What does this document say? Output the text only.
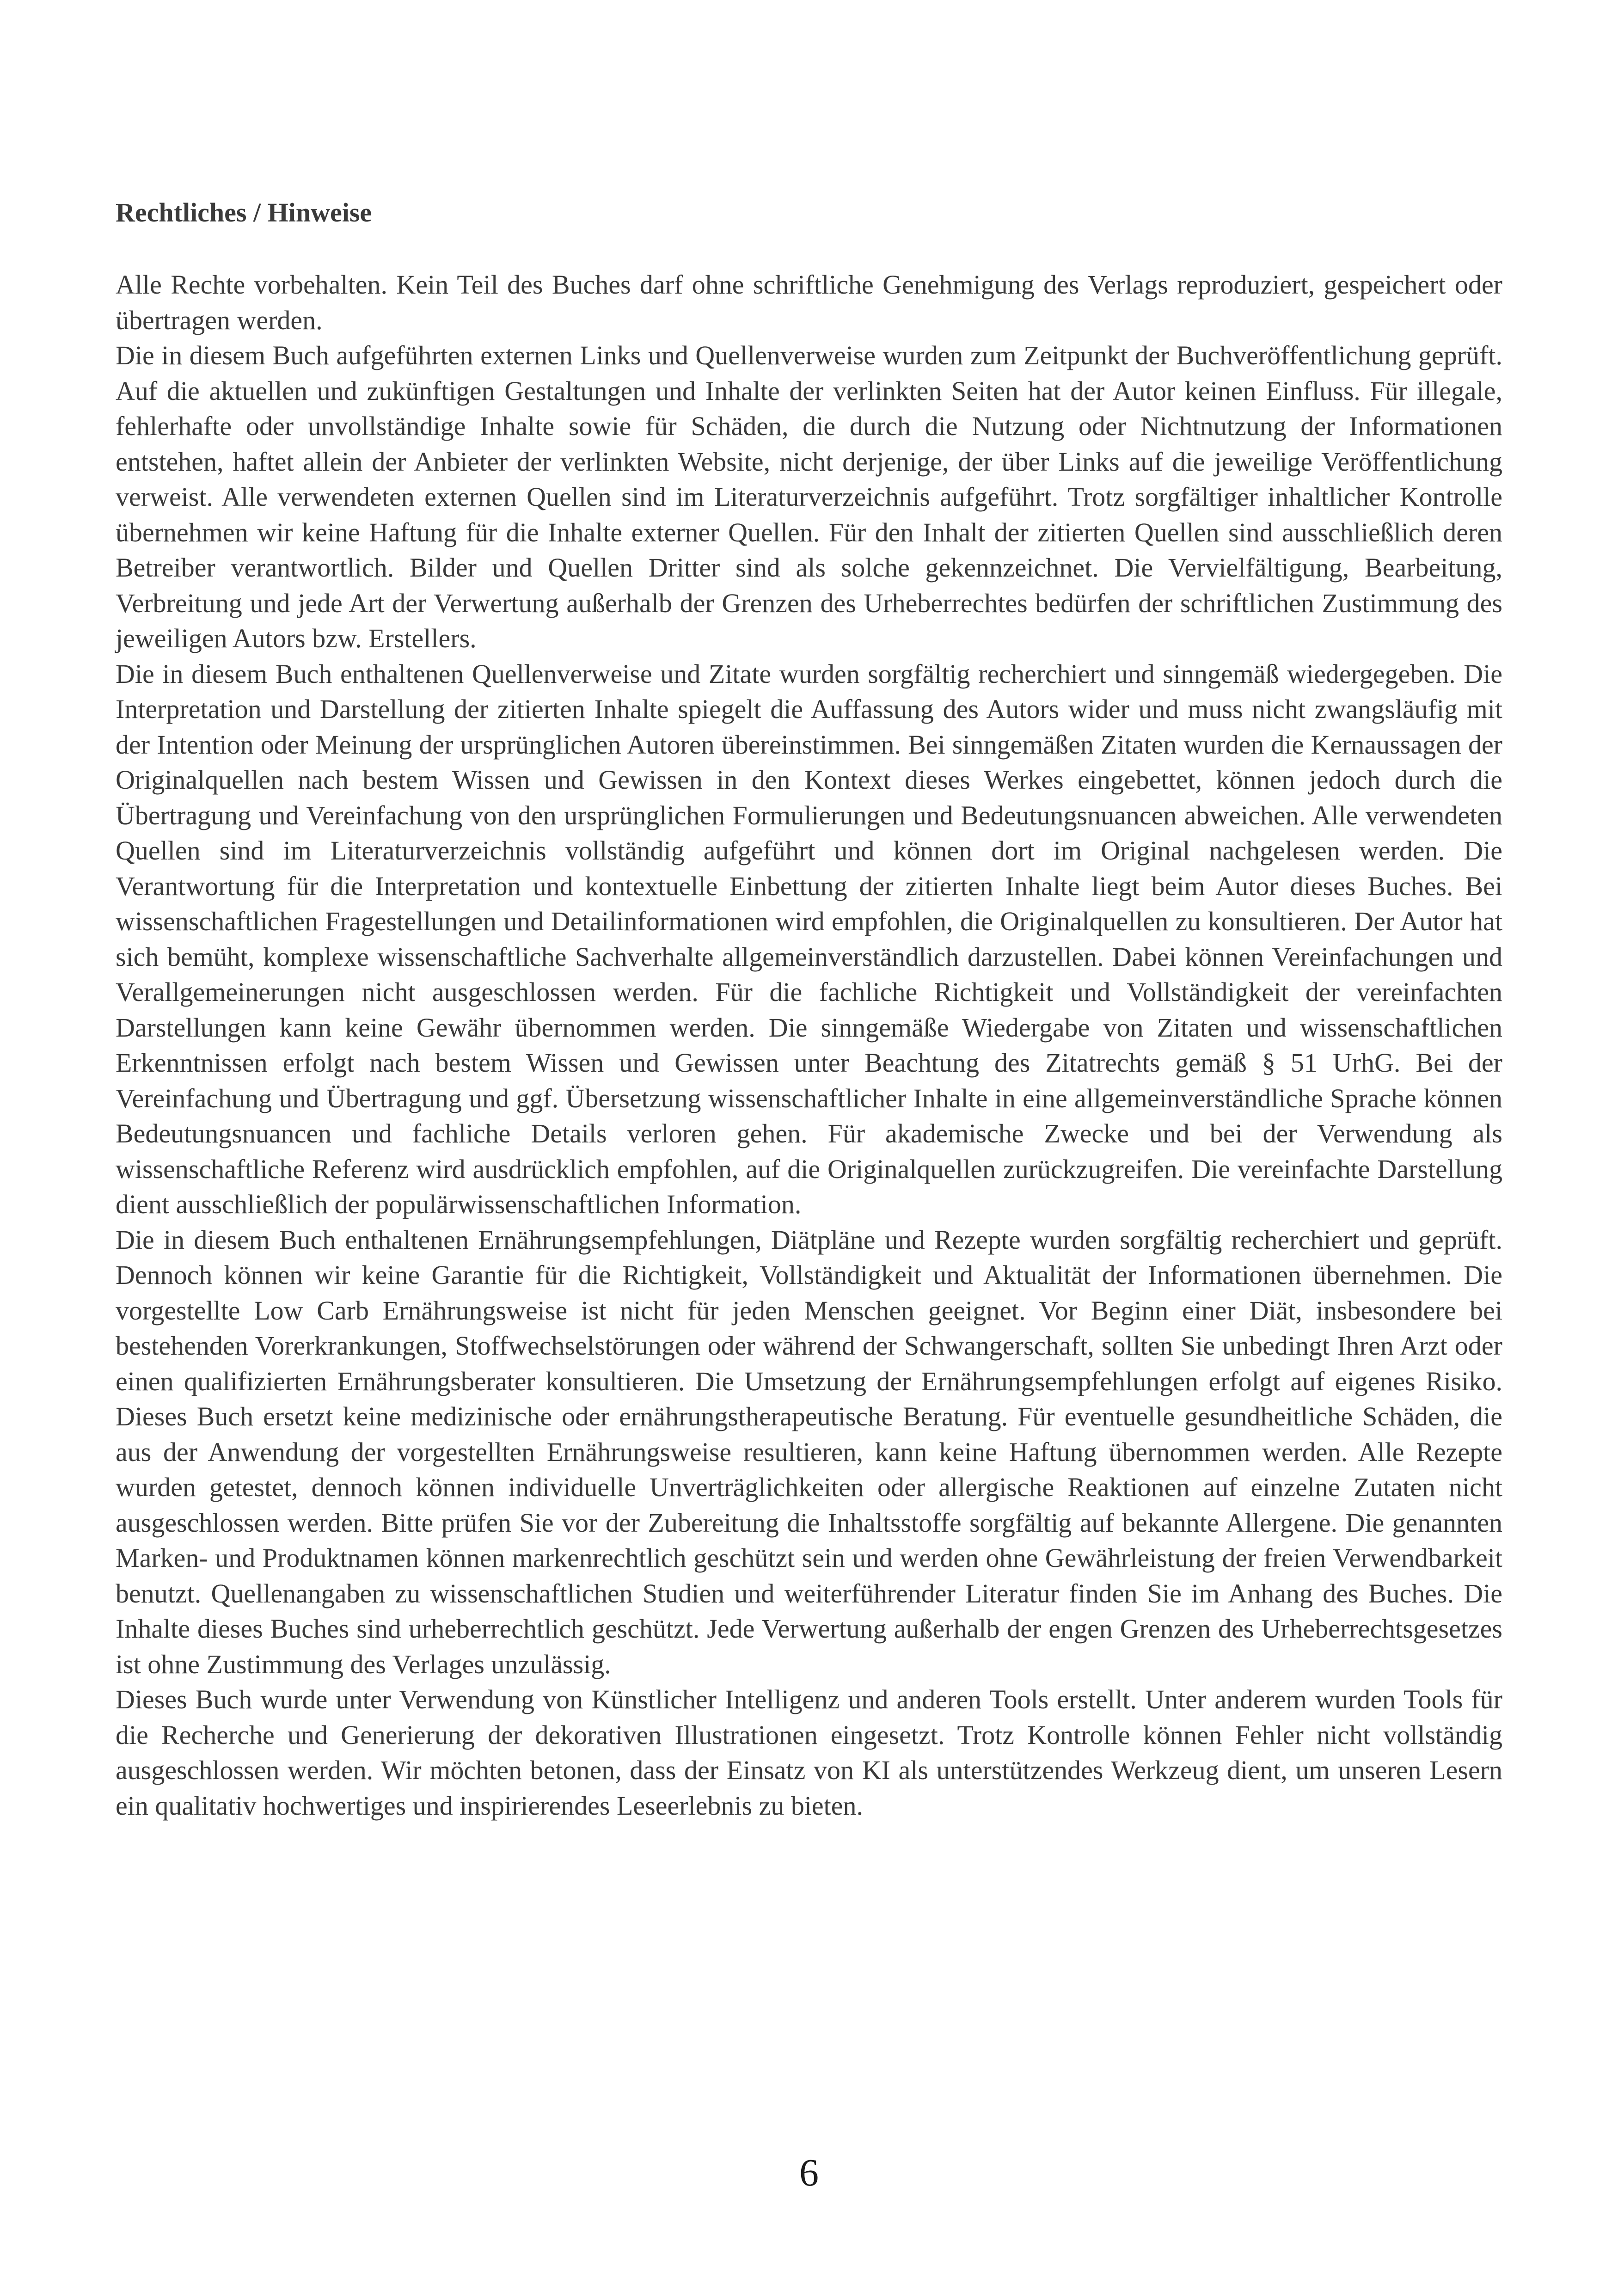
Rechtliches / Hinweise

Alle Rechte vorbehalten. Kein Teil des Buches darf ohne schriftliche Genehmigung des Verlags reproduziert, gespeichert oder übertragen werden.

Die in diesem Buch aufgeführten externen Links und Quellenverweise wurden zum Zeitpunkt der Buchveröffentlichung geprüft. Auf die aktuellen und zukünftigen Gestaltungen und Inhalte der verlinkten Seiten hat der Autor keinen Einfluss. Für illegale, fehlerhafte oder unvollständige Inhalte sowie für Schäden, die durch die Nutzung oder Nichtnutzung der Informationen entstehen, haftet allein der Anbieter der verlinkten Website, nicht derjenige, der über Links auf die jeweilige Veröffentlichung verweist. Alle verwendeten externen Quellen sind im Literaturverzeichnis aufgeführt. Trotz sorgfältiger inhaltlicher Kontrolle übernehmen wir keine Haftung für die Inhalte externer Quellen. Für den Inhalt der zitierten Quellen sind ausschließlich deren Betreiber verantwortlich. Bilder und Quellen Dritter sind als solche gekennzeichnet. Die Vervielfältigung, Bearbeitung, Verbreitung und jede Art der Verwertung außerhalb der Grenzen des Urheberrechtes bedürfen der schriftlichen Zustimmung des jeweiligen Autors bzw. Erstellers.

Die in diesem Buch enthaltenen Quellenverweise und Zitate wurden sorgfältig recherchiert und sinngemäß wiedergegeben. Die Interpretation und Darstellung der zitierten Inhalte spiegelt die Auffassung des Autors wider und muss nicht zwangsläufig mit der Intention oder Meinung der ursprünglichen Autoren übereinstimmen. Bei sinngemäßen Zitaten wurden die Kernaussagen der Originalquellen nach bestem Wissen und Gewissen in den Kontext dieses Werkes eingebettet, können jedoch durch die Übertragung und Vereinfachung von den ursprünglichen Formulierungen und Bedeutungsnuancen abweichen. Alle verwendeten Quellen sind im Literaturverzeichnis vollständig aufgeführt und können dort im Original nachgelesen werden. Die Verantwortung für die Interpretation und kontextuelle Einbettung der zitierten Inhalte liegt beim Autor dieses Buches. Bei wissenschaftlichen Fragestellungen und Detailinformationen wird empfohlen, die Originalquellen zu konsultieren. Der Autor hat sich bemüht, komplexe wissenschaftliche Sachverhalte allgemeinverständlich darzustellen. Dabei können Vereinfachungen und Verallgemeinerungen nicht ausgeschlossen werden. Für die fachliche Richtigkeit und Vollständigkeit der vereinfachten Darstellungen kann keine Gewähr übernommen werden. Die sinngemäße Wiedergabe von Zitaten und wissenschaftlichen Erkenntnissen erfolgt nach bestem Wissen und Gewissen unter Beachtung des Zitatrechts gemäß § 51 UrhG. Bei der Vereinfachung und Übertragung und ggf. Übersetzung wissenschaftlicher Inhalte in eine allgemeinverständliche Sprache können Bedeutungsnuancen und fachliche Details verloren gehen. Für akademische Zwecke und bei der Verwendung als wissenschaftliche Referenz wird ausdrücklich empfohlen, auf die Originalquellen zurückzugreifen. Die vereinfachte Darstellung dient ausschließlich der populärwissenschaftlichen Information.

Die in diesem Buch enthaltenen Ernährungsempfehlungen, Diätpläne und Rezepte wurden sorgfältig recherchiert und geprüft. Dennoch können wir keine Garantie für die Richtigkeit, Vollständigkeit und Aktualität der Informationen übernehmen. Die vorgestellte Low Carb Ernährungsweise ist nicht für jeden Menschen geeignet. Vor Beginn einer Diät, insbesondere bei bestehenden Vorerkrankungen, Stoffwechselstörungen oder während der Schwangerschaft, sollten Sie unbedingt Ihren Arzt oder einen qualifizierten Ernährungsberater konsultieren. Die Umsetzung der Ernährungsempfehlungen erfolgt auf eigenes Risiko. Dieses Buch ersetzt keine medizinische oder ernährungstherapeutische Beratung. Für eventuelle gesundheitliche Schäden, die aus der Anwendung der vorgestellten Ernährungsweise resultieren, kann keine Haftung übernommen werden. Alle Rezepte wurden getestet, dennoch können individuelle Unverträglichkeiten oder allergische Reaktionen auf einzelne Zutaten nicht ausgeschlossen werden. Bitte prüfen Sie vor der Zubereitung die Inhaltsstoffe sorgfältig auf bekannte Allergene. Die genannten Marken- und Produktnamen können markenrechtlich geschützt sein und werden ohne Gewährleistung der freien Verwendbarkeit benutzt. Quellenangaben zu wissenschaftlichen Studien und weiterführender Literatur finden Sie im Anhang des Buches. Die Inhalte dieses Buches sind urheberrechtlich geschützt. Jede Verwertung außerhalb der engen Grenzen des Urheberrechtsgesetzes ist ohne Zustimmung des Verlages unzulässig.

Dieses Buch wurde unter Verwendung von Künstlicher Intelligenz und anderen Tools erstellt. Unter anderem wurden Tools für die Recherche und Generierung der dekorativen Illustrationen eingesetzt. Trotz Kontrolle können Fehler nicht vollständig ausgeschlossen werden. Wir möchten betonen, dass der Einsatz von KI als unterstützendes Werkzeug dient, um unseren Lesern ein qualitativ hochwertiges und inspirierendes Leseerlebnis zu bieten.

6
